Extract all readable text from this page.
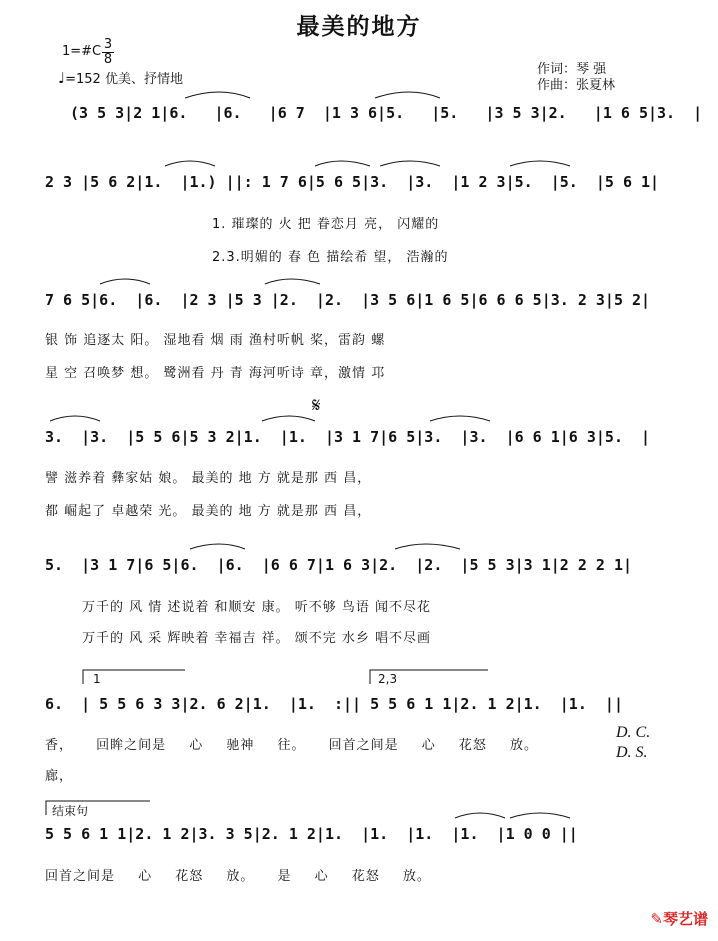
最美的地方
1=#C 3
8
♩=152 优美、抒情地
作词：琴 强
作曲：张夏林
(3 5 3|2 1|6.   |6.   |6 7  |1 3 6|5.   |5.   |3 5 3|2.   |1 6 5|3.  |
2 3 |5 6 2|1.  |1.) ||: 1 7 6|5 6 5|3.  |3.  |1 2 3|5.  |5.  |5 6 1|
1. 璀璨的 火 把 眷恋月 亮， 闪耀的
2.3.明媚的 春 色 描绘希 望， 浩瀚的
7 6 5|6.  |6.  |2 3 |5 3 |2.  |2.  |3 5 6|1 6 5|6 6 6 5|3. 2 3|5 2|
银 饰 追逐太 阳。 湿地看 烟 雨 渔村听帆 桨，雷韵 螺
星 空 召唤梦 想。 鹭洲看 丹 青 海河听诗 章，激情 邛
𝄋
3.  |3.  |5 5 6|5 3 2|1.  |1.  |3 1 7|6 5|3.  |3.  |6 6 1|6 3|5.  |
譬 滋养着 彝家姑 娘。 最美的 地 方 就是那 西 昌，
都 崛起了 卓越荣 光。 最美的 地 方 就是那 西 昌，
5.  |3 1 7|6 5|6.  |6.  |6 6 7|1 6 3|2.  |2.  |5 5 3|3 1|2 2 2 1|
万千的 风 情 述说着 和顺安 康。 听不够 鸟语 闻不尽花
万千的 风 采 辉映着 幸福吉 祥。 颂不完 水乡 唱不尽画
1	2,3
6.  | 5 5 6 3 3|2. 6 2|1.  |1.  :|| 5 5 6 1 1|2. 1 2|1.  |1.  ||
香， 回眸之间是 心 驰神 往。 回首之间是 心 花怒 放。
廊，
D. C.
D. S.
结束句
5 5 6 1 1|2. 1 2|3. 3 5|2. 1 2|1.  |1.  |1.  |1.  |1 0 0 ||
回首之间是 心 花怒 放。 是 心 花怒 放。
✎琴艺谱
